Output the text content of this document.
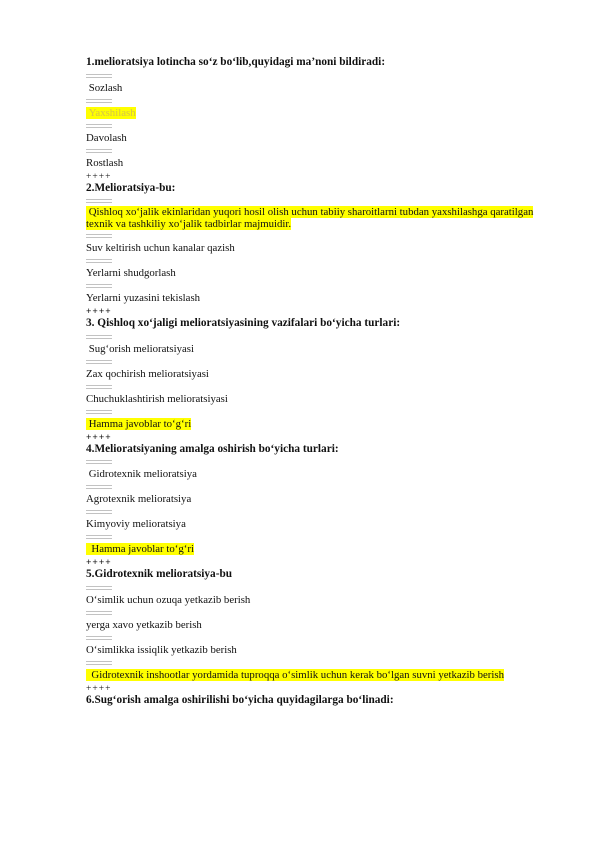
1.melioratsiya lotincha so‘z bo‘lib,quyidagi ma’noni bildiradi:

Sozlash

Yaxshilash

Davolash

Rostlash

++++

2.Melioratsiya-bu:

Qishloq xo‘jalik ekinlaridan yuqori hosil olish uchun tabiiy sharoitlarni tubdan yaxshilashga qaratilgan texnik va tashkiliy xo‘jalik tadbirlar majmuidir.

Suv keltirish uchun kanalar qazish

Yerlarni shudgorlash

Yerlarni yuzasini tekislash

++++

3. Qishloq xo‘jaligi melioratsiyasining vazifalari bo‘yicha turlari:

Sug‘orish melioratsiyasi

Zax qochirish melioratsiyasi

Chuchuklashtirish melioratsiyasi

Hamma javoblar to‘g‘ri

++++

4.Melioratsiyaning amalga oshirish bo‘yicha turlari:

Gidrotexnik melioratsiya

Agrotexnik melioratsiya

Kimyoviy melioratsiya

Hamma javoblar to‘g‘ri

++++

5.Gidrotexnik melioratsiya-bu

O‘simlik uchun ozuqa yetkazib berish

yerga xavo yetkazib berish

O‘simlikka issiqlik yetkazib berish

Gidrotexnik inshootlar yordamida tuproqqa o‘simlik uchun kerak bo‘lgan suvni yetkazib berish

++++

6.Sug‘orish amalga oshirilishi bo‘yicha quyidagilarga bo‘linadi:
